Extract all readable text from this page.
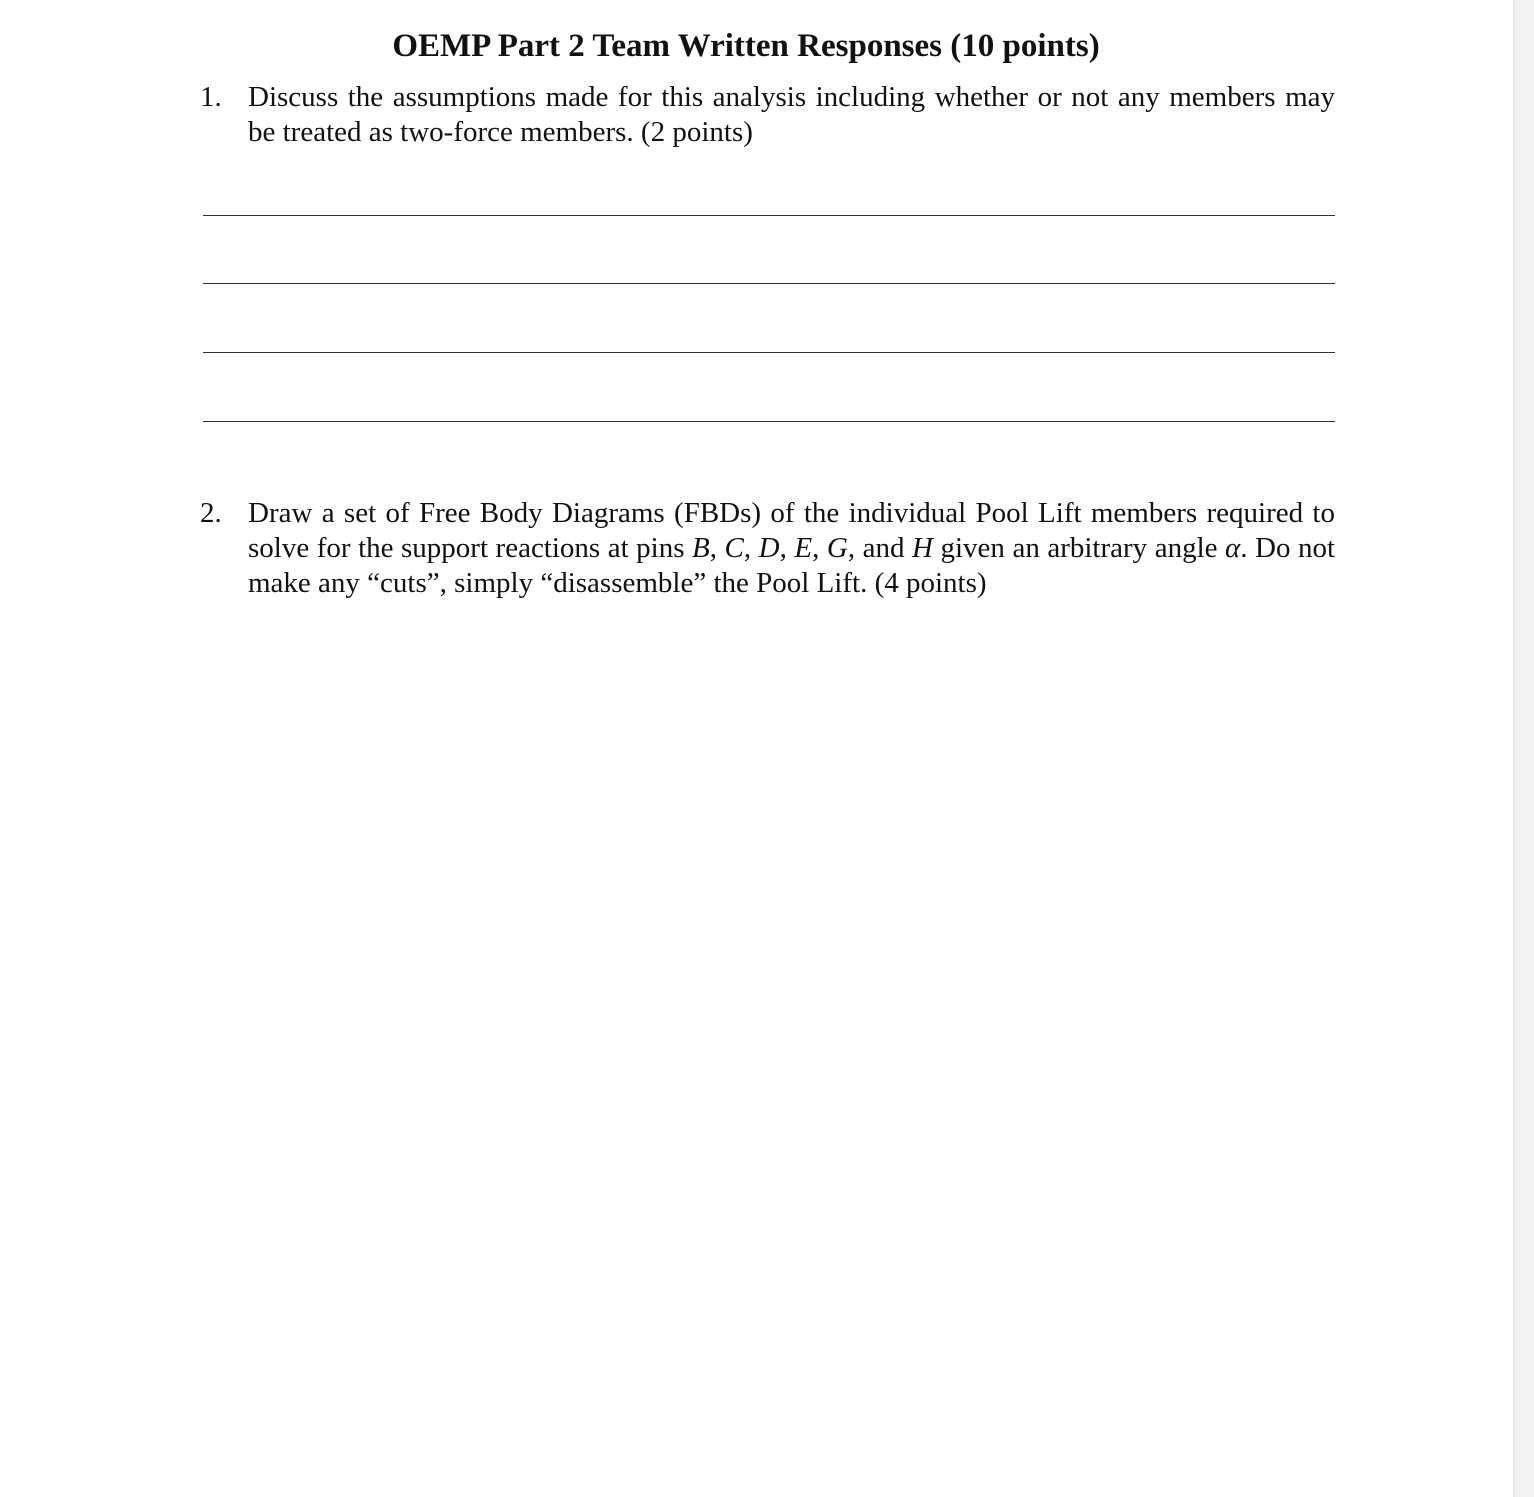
OEMP Part 2 Team Written Responses (10 points)
1. Discuss the assumptions made for this analysis including whether or not any members may be treated as two-force members. (2 points)
2. Draw a set of Free Body Diagrams (FBDs) of the individual Pool Lift members required to solve for the support reactions at pins B, C, D, E, G, and H given an arbitrary angle α. Do not make any “cuts”, simply “disassemble” the Pool Lift. (4 points)
